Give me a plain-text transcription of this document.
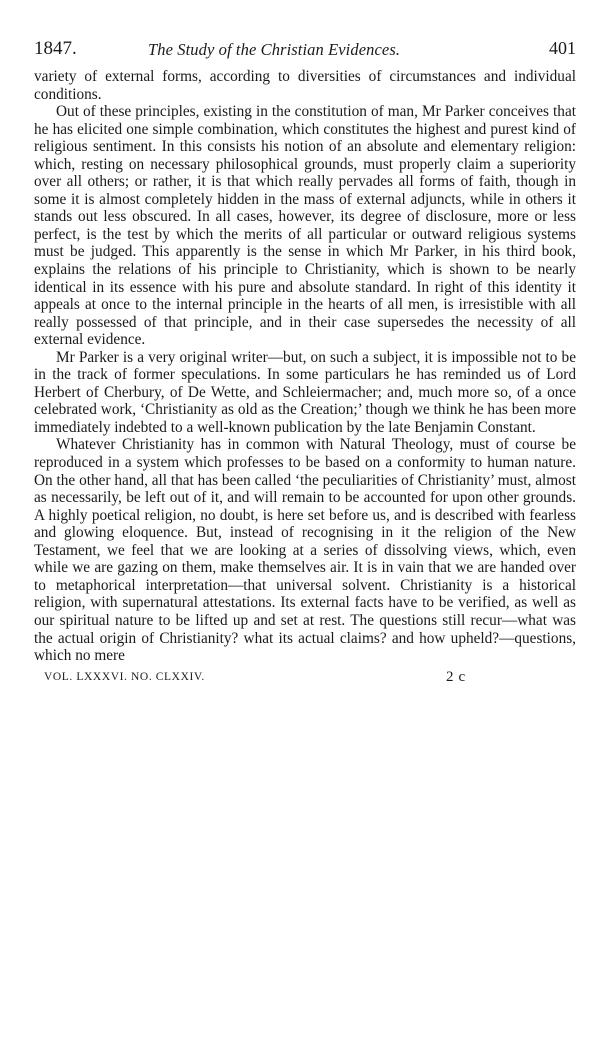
1847.	The Study of the Christian Evidences.	401

variety of external forms, according to diversities of circumstances and individual conditions.

Out of these principles, existing in the constitution of man, Mr Parker conceives that he has elicited one simple combination, which constitutes the highest and purest kind of religious sentiment. In this consists his notion of an absolute and elementary religion: which, resting on necessary philosophical grounds, must properly claim a superiority over all others; or rather, it is that which really pervades all forms of faith, though in some it is almost completely hidden in the mass of external adjuncts, while in others it stands out less obscured. In all cases, however, its degree of disclosure, more or less perfect, is the test by which the merits of all particular or outward religious systems must be judged. This apparently is the sense in which Mr Parker, in his third book, explains the relations of his principle to Christianity, which is shown to be nearly identical in its essence with his pure and absolute standard. In right of this identity it appeals at once to the internal principle in the hearts of all men, is irresistible with all really possessed of that principle, and in their case supersedes the necessity of all external evidence.

Mr Parker is a very original writer—but, on such a subject, it is impossible not to be in the track of former speculations. In some particulars he has reminded us of Lord Herbert of Cherbury, of De Wette, and Schleiermacher; and, much more so, of a once celebrated work, ‘Christianity as old as the Creation;’ though we think he has been more immediately indebted to a well-known publication by the late Benjamin Constant.

Whatever Christianity has in common with Natural Theology, must of course be reproduced in a system which professes to be based on a conformity to human nature. On the other hand, all that has been called ‘the peculiarities of Christianity’ must, almost as necessarily, be left out of it, and will remain to be accounted for upon other grounds. A highly poetical religion, no doubt, is here set before us, and is described with fearless and glowing eloquence. But, instead of recognising in it the religion of the New Testament, we feel that we are looking at a series of dissolving views, which, even while we are gazing on them, make themselves air. It is in vain that we are handed over to metaphorical interpretation—that universal solvent. Christianity is a historical religion, with supernatural attestations. Its external facts have to be verified, as well as our spiritual nature to be lifted up and set at rest. The questions still recur—what was the actual origin of Christianity? what its actual claims? and how upheld?—questions, which no mere

VOL. LXXXVI. NO. CLXXIV.	2 c
